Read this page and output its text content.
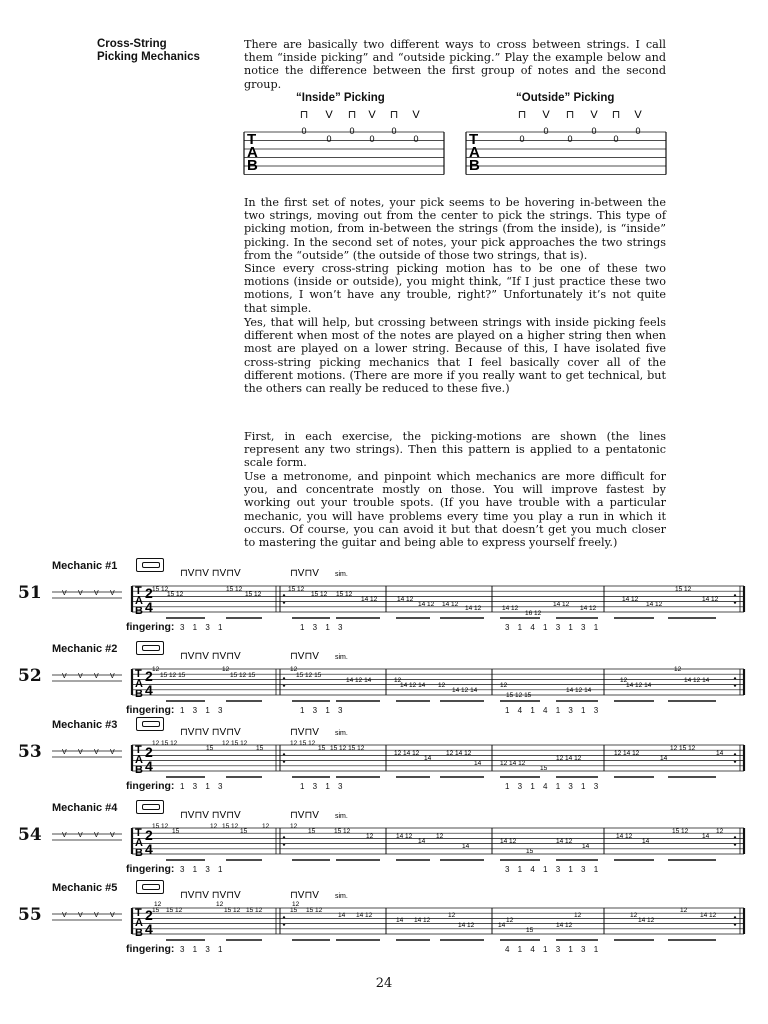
Cross-String
Picking Mechanics
There are basically two different ways to cross between strings. I call them “inside picking” and “outside picking.” Play the example below and notice the difference between the first group of notes and the second group.
“Inside” Picking	“Outside” Picking
T
A
B
0
⊓
0
V
0
⊓
0
V
0
⊓
0
V
T
A
B
0
⊓
0
V
0
⊓
0
V
0
⊓
0
V
In the first set of notes, your pick seems to be hovering in-between the two strings, moving out from the center to pick the strings. This type of picking motion, from in-between the strings (from the inside), is “inside” picking. In the second set of notes, your pick approaches the two strings from the “outside” (the outside of those two strings, that is).
Since every cross-string picking motion has to be one of these two motions (inside or outside), you might think, “If I just practice these two motions, I won’t have any trouble, right?” Unfortunately it’s not quite that simple.
Yes, that will help, but crossing between strings with inside picking feels different when most of the notes are played on a higher string then when most are played on a lower string. Because of this, I have isolated five cross-string picking mechanics that I feel basically cover all of the different motions. (There are more if you really want to get technical, but the others can really be reduced to these five.)
First, in each exercise, the picking-motions are shown (the lines represent any two strings). Then this pattern is applied to a pentatonic scale form.
Use a metronome, and pinpoint which mechanics are more difficult for you, and concentrate mostly on those. You will improve fastest by working out your trouble spots. (If you have trouble with a particular mechanic, you will have problems every time you play a run in which it occurs. Of course, you can avoid it but that doesn’t get you much closer to mastering the guitar and being able to express yourself freely.)
Mechanic #1
51
⊓V⊓V ⊓V⊓V	⊓V⊓V sim.
V V V V T
A
B
2
4
15 12
15 12
15 12
15 12
15 12
15 12 15 12
14 12	14 12
14 12 14 12
14 12	14 12
16 12
14 12
14 12
14 12
14 12
15 12
14 12
fingering: 3 1 3 1	1 3 1 3	3 1 4 1 3 1 3 1
Mechanic #2
52
⊓V⊓V ⊓V⊓V	⊓V⊓V sim.
V V V V T
A
B
2
4
12
15 12 15
12
15 12 15
12
15 12 15
14 12 14	12
14 12 14 12
14 12 14
12
15 12 15
14 12 14
12
14 12 14
12
14 12 14
fingering: 1 3 1 3	1 3 1 3	1 4 1 4 1 3 1 3
Mechanic #3
53
⊓V⊓V ⊓V⊓V	⊓V⊓V sim.
V V V V T
A
B
2
4
12 15 12
15
12 15 12
15
12 15 12
15 15 12 15 12
12 14 12
14
12 14 12
14	12 14 12
15
12 14 12
12 14 12
14
12 15 12
14
fingering: 1 3 1 3	1 3 1 3	1 3 1 4 1 3 1 3
Mechanic #4
54
⊓V⊓V ⊓V⊓V	⊓V⊓V sim.
V V V V T
A
B
2
4
15 12
15
12 15 12
15
12	12
15	15 12
12	14 12
14
12
14
14 12
15
14 12
14
14 12
14
15 12
14
12
fingering: 3 1 3 1	3 1 4 1 3 1 3 1
Mechanic #5
55
⊓V⊓V ⊓V⊓V	⊓V⊓V sim.
V V V V T
A
B
2
4
12
15 15 12
12
15 12 15 12
12
15 15 12
14 14 12
14 14 12
12
14 12
12
14
15
12
14 12
12
14 12
12
14 12
fingering: 3 1 3 1	4 1 4 1 3 1 3 1
24
